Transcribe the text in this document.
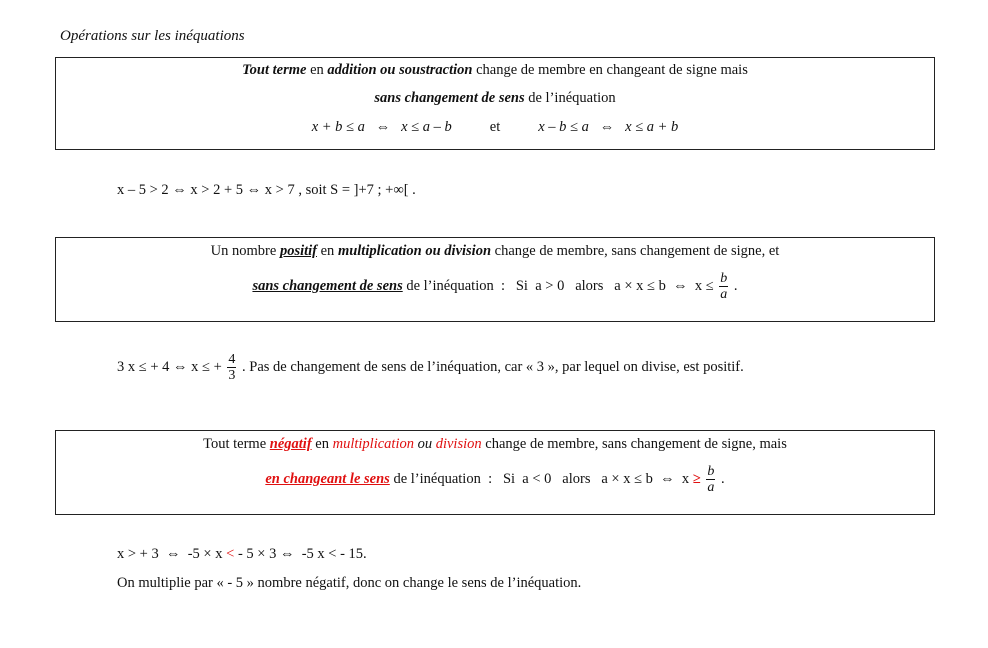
Opérations sur les inéquations
Tout terme en addition ou soustraction change de membre en changeant de signe mais
sans changement de sens de l’inéquation
x + b ≤ a   ⇔   x ≤ a – b	et	x – b ≤ a   ⇔   x ≤ a + b
x – 5 > 2 ⇔ x > 2 + 5 ⇔ x > 7 , soit S = ]+7 ; +∞[ .
Un nombre positif en multiplication ou division change de membre, sans changement de signe, et
sans changement de sens de l’inéquation  :   Si  a > 0   alors   a × x ≤ b  ⇔  $x \le \frac{b}{a}$ .
3 x ≤ + 4 ⇔ x ≤ + $\frac{4}{3}$ . Pas de changement de sens de l’inéquation, car « 3 », par lequel on divise, est positif.
Tout terme négatif en multiplication ou division change de membre, sans changement de signe, mais
en changeant le sens de l’inéquation  :   Si  a < 0   alors   a × x ≤ b  ⇔  $x \ge \frac{b}{a}$ .
x > + 3  ⇔  -5 × x < - 5 × 3 ⇔  -5 x < - 15.
On multiplie par « - 5 » nombre négatif, donc on change le sens de l’inéquation.
